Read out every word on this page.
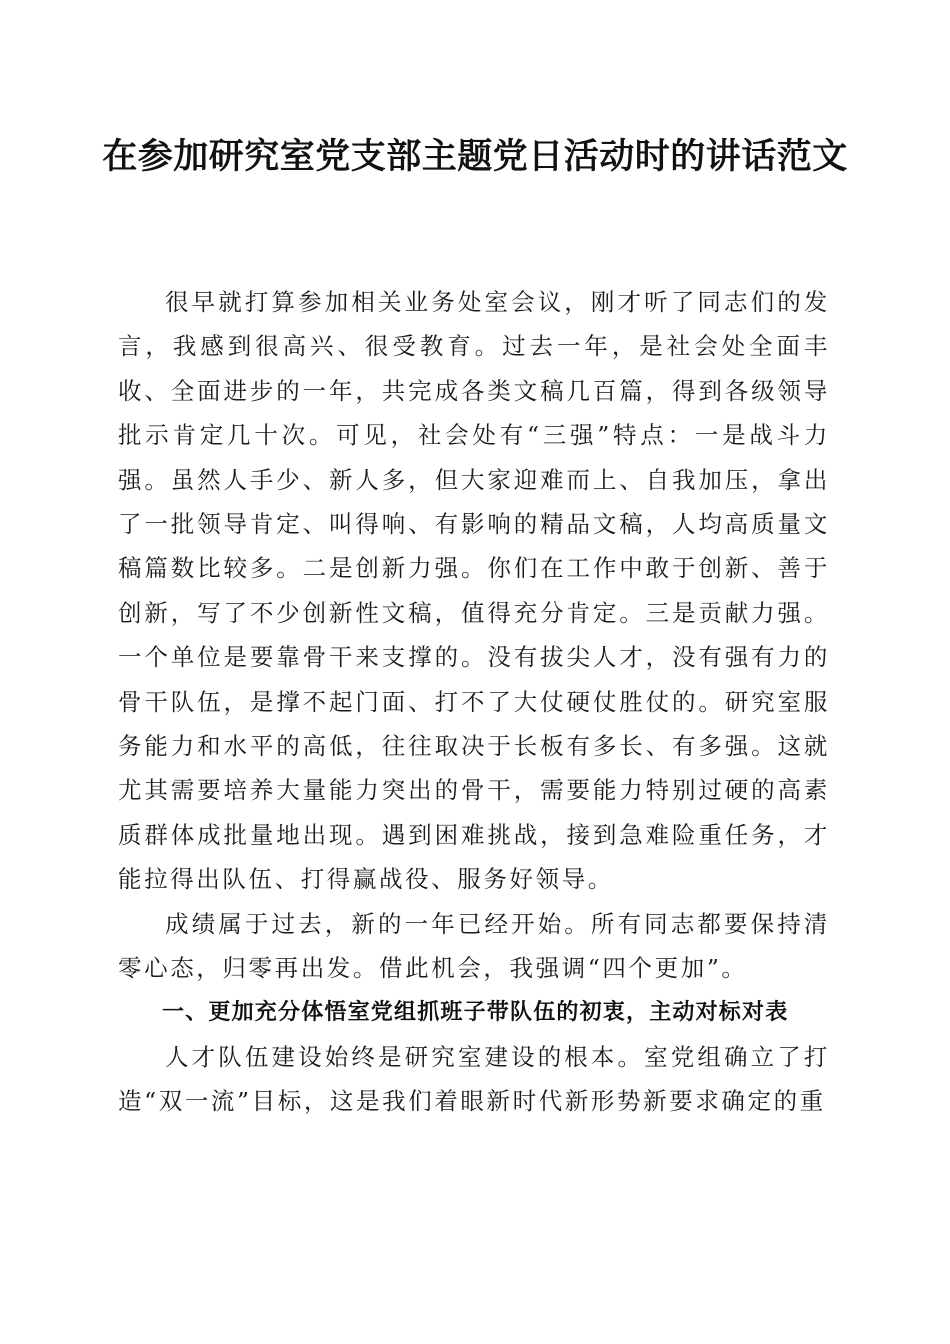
在参加研究室党支部主题党日活动时的讲话范文

很早就打算参加相关业务处室会议，刚才听了同志们的发言，我感到很高兴、很受教育。过去一年，是社会处全面丰收、全面进步的一年，共完成各类文稿几百篇，得到各级领导批示肯定几十次。可见，社会处有“三强”特点：一是战斗力强。虽然人手少、新人多，但大家迎难而上、自我加压，拿出了一批领导肯定、叫得响、有影响的精品文稿，人均高质量文稿篇数比较多。二是创新力强。你们在工作中敢于创新、善于创新，写了不少创新性文稿，值得充分肯定。三是贡献力强。一个单位是要靠骨干来支撑的。没有拔尖人才，没有强有力的骨干队伍，是撑不起门面、打不了大仗硬仗胜仗的。研究室服务能力和水平的高低，往往取决于长板有多长、有多强。这就尤其需要培养大量能力突出的骨干，需要能力特别过硬的高素质群体成批量地出现。遇到困难挑战，接到急难险重任务，才能拉得出队伍、打得赢战役、服务好领导。

成绩属于过去，新的一年已经开始。所有同志都要保持清零心态，归零再出发。借此机会，我强调“四个更加”。

一、更加充分体悟室党组抓班子带队伍的初衷，主动对标对表

人才队伍建设始终是研究室建设的根本。室党组确立了打造“双一流”目标，这是我们着眼新时代新形势新要求确定的重
